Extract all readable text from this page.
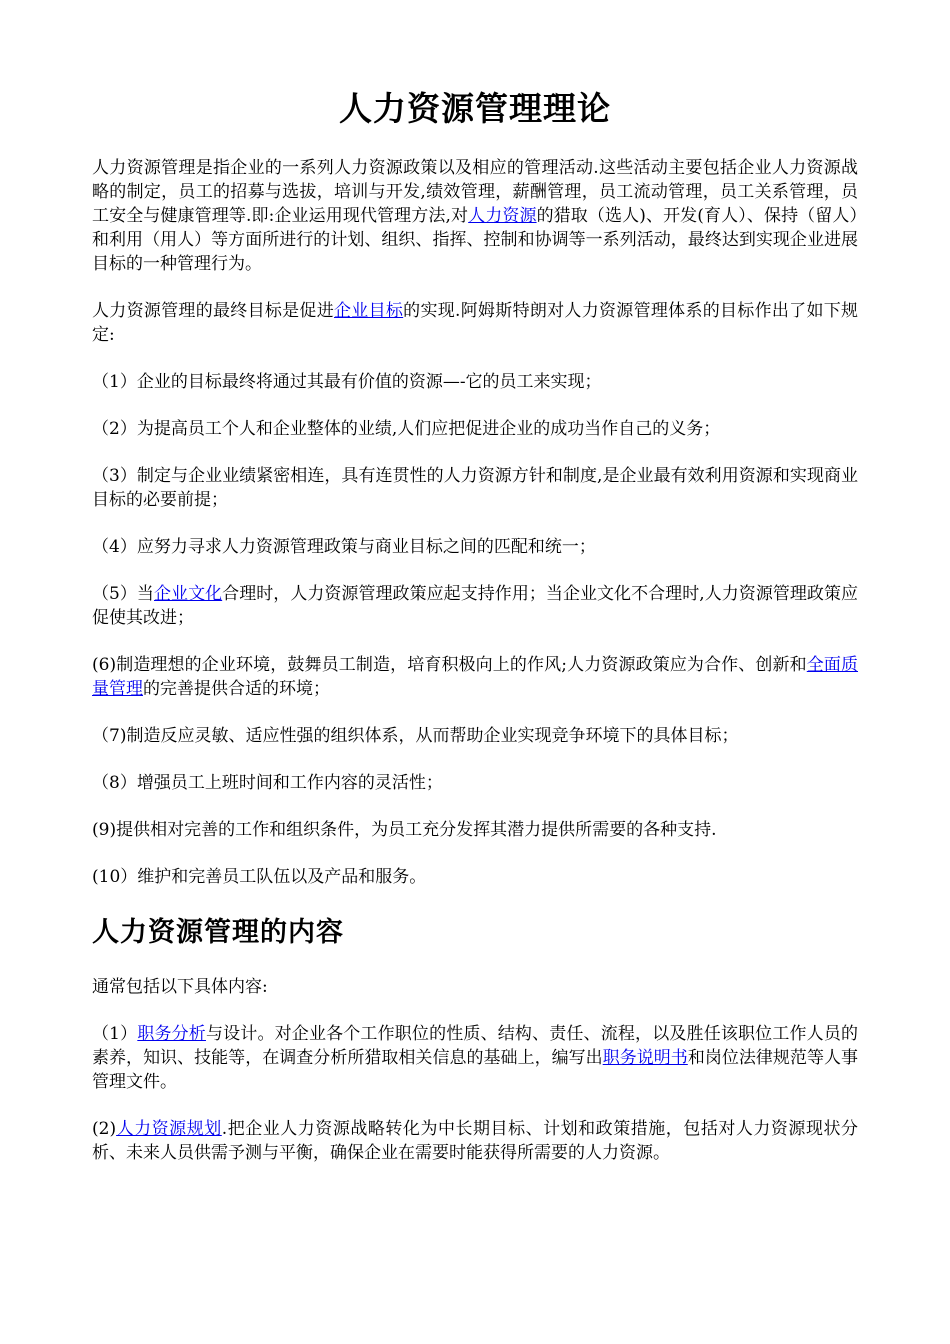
人力资源管理理论

人力资源管理是指企业的一系列人力资源政策以及相应的管理活动.这些活动主要包括企业人力资源战略的制定，员工的招募与选拔，培训与开发,绩效管理，薪酬管理，员工流动管理，员工关系管理，员工安全与健康管理等.即:企业运用现代管理方法,对人力资源的猎取（选人)、开发(育人）、保持（留人）和利用（用人）等方面所进行的计划、组织、指挥、控制和协调等一系列活动，最终达到实现企业进展目标的一种管理行为。

人力资源管理的最终目标是促进企业目标的实现.阿姆斯特朗对人力资源管理体系的目标作出了如下规定:

（1）企业的目标最终将通过其最有价值的资源—-它的员工来实现；

（2）为提高员工个人和企业整体的业绩,人们应把促进企业的成功当作自己的义务；

（3）制定与企业业绩紧密相连，具有连贯性的人力资源方针和制度,是企业最有效利用资源和实现商业目标的必要前提；

（4）应努力寻求人力资源管理政策与商业目标之间的匹配和统一；

（5）当企业文化合理时，人力资源管理政策应起支持作用；当企业文化不合理时,人力资源管理政策应促使其改进；

(6)制造理想的企业环境，鼓舞员工制造，培育积极向上的作风;人力资源政策应为合作、创新和全面质量管理的完善提供合适的环境；

（7)制造反应灵敏、适应性强的组织体系，从而帮助企业实现竞争环境下的具体目标；

（8）增强员工上班时间和工作内容的灵活性；

(9)提供相对完善的工作和组织条件，为员工充分发挥其潜力提供所需要的各种支持.

(10）维护和完善员工队伍以及产品和服务。

人力资源管理的内容

通常包括以下具体内容:

（1）职务分析与设计。对企业各个工作职位的性质、结构、责任、流程，以及胜任该职位工作人员的素养，知识、技能等，在调查分析所猎取相关信息的基础上，编写出职务说明书和岗位法律规范等人事管理文件。

(2)人力资源规划.把企业人力资源战略转化为中长期目标、计划和政策措施，包括对人力资源现状分析、未来人员供需予测与平衡，确保企业在需要时能获得所需要的人力资源。
